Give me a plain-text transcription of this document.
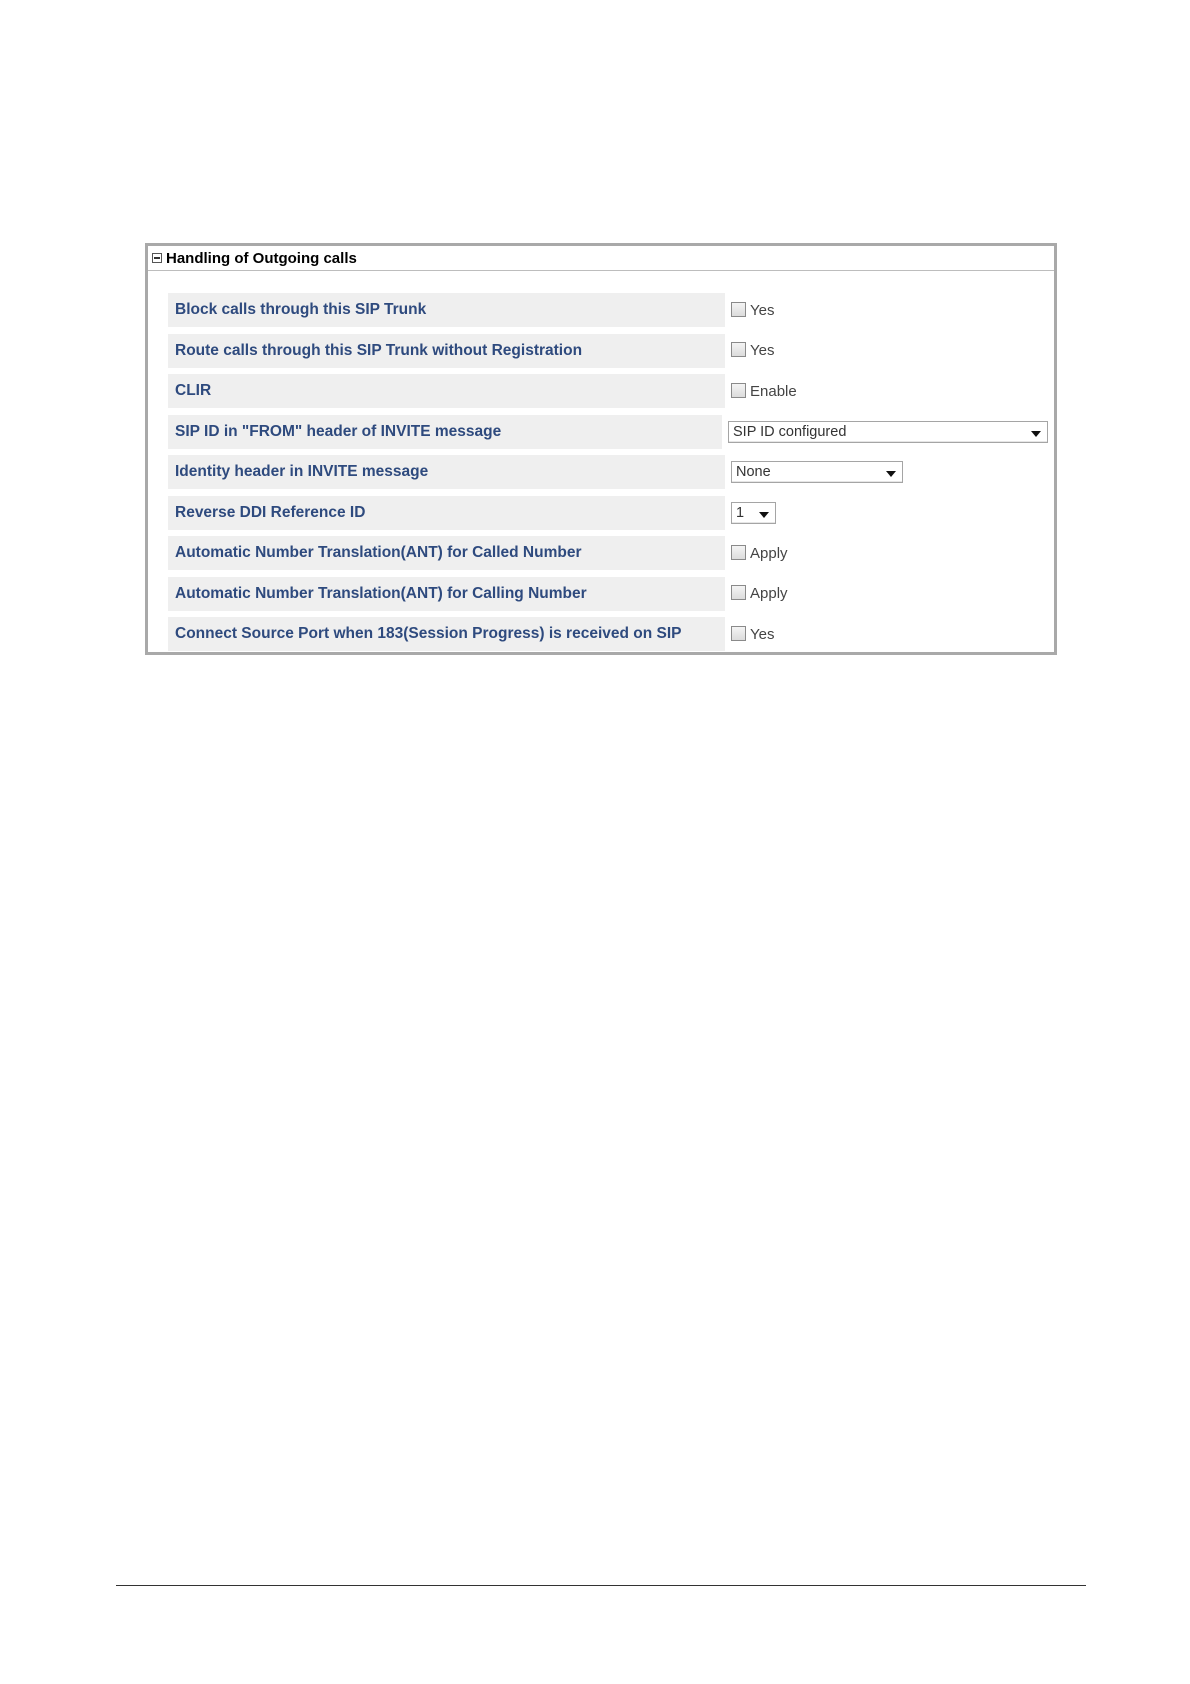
Handling of Outgoing calls
Block calls through this SIP Trunk	Yes
Route calls through this SIP Trunk without Registration	Yes
CLIR	Enable
SIP ID in "FROM" header of INVITE message	SIP ID configured
Identity header in INVITE message	None
Reverse DDI Reference ID	1
Automatic Number Translation(ANT) for Called Number	Apply
Automatic Number Translation(ANT) for Calling Number	Apply
Connect Source Port when 183(Session Progress) is received on SIP	Yes
